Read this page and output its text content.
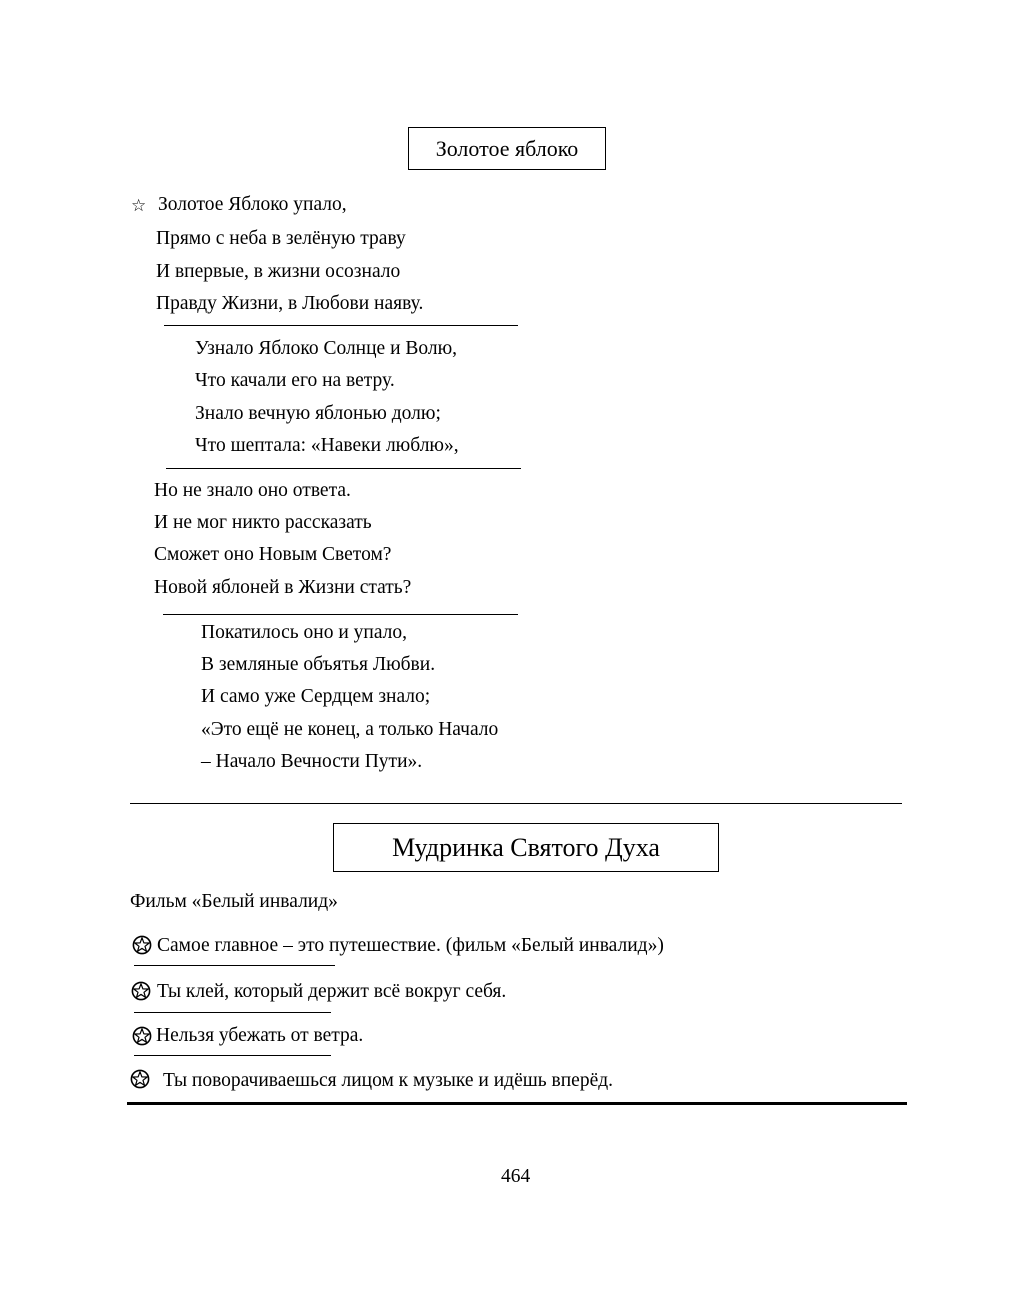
Золотое яблоко
☆ Золотое Яблоко упало,
Прямо с неба в зелёную траву
И впервые, в жизни осознало
Правду Жизни, в Любови наяву.
Узнало Яблоко Солнце и Волю,
Что качали его на ветру.
Знало вечную яблонью долю;
Что шептала: «Навеки люблю»,
Но не знало оно ответа.
И не мог никто рассказать
Сможет оно Новым Светом?
Новой яблоней в Жизни стать?
Покатилось оно и упало,
В земляные объятья Любви.
И само уже Сердцем знало;
«Это ещё не конец, а только Начало
– Начало Вечности Пути».
Мудринка Святого Духа
Фильм «Белый инвалид»
Самое главное – это путешествие. (фильм «Белый инвалид»)
Ты клей, который держит всё вокруг себя.
Нельзя убежать от ветра.
Ты поворачиваешься лицом к музыке и идёшь вперёд.
464
